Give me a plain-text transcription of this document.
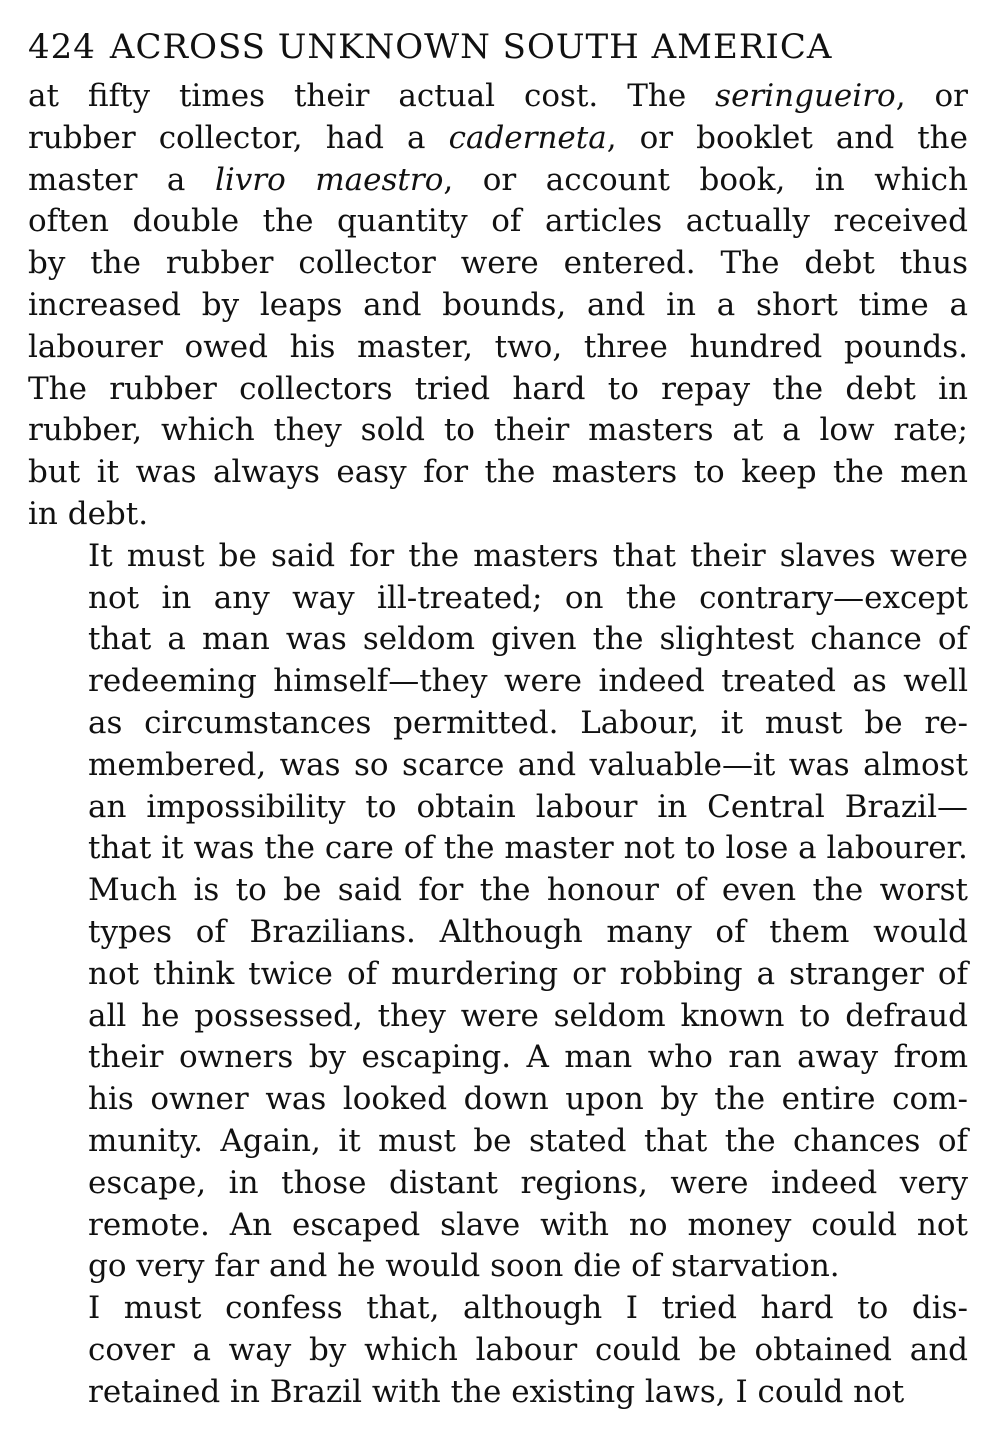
424 ACROSS UNKNOWN SOUTH AMERICA
at fifty times their actual cost. The seringueiro, or
rubber collector, had a caderneta, or booklet and the
master a livro maestro, or account book, in which
often double the quantity of articles actually received
by the rubber collector were entered. The debt thus
increased by leaps and bounds, and in a short time a
labourer owed his master, two, three hundred pounds.
The rubber collectors tried hard to repay the debt in
rubber, which they sold to their masters at a low rate;
but it was always easy for the masters to keep the men
in debt.
It must be said for the masters that their slaves were
not in any way ill-treated; on the contrary—except
that a man was seldom given the slightest chance of
redeeming himself—they were indeed treated as well
as circumstances permitted. Labour, it must be re-
membered, was so scarce and valuable—it was almost
an impossibility to obtain labour in Central Brazil—
that it was the care of the master not to lose a labourer.
Much is to be said for the honour of even the worst
types of Brazilians. Although many of them would
not think twice of murdering or robbing a stranger of
all he possessed, they were seldom known to defraud
their owners by escaping. A man who ran away from
his owner was looked down upon by the entire com-
munity. Again, it must be stated that the chances of
escape, in those distant regions, were indeed very
remote. An escaped slave with no money could not
go very far and he would soon die of starvation.
I must confess that, although I tried hard to dis-
cover a way by which labour could be obtained and
retained in Brazil with the existing laws, I could not
